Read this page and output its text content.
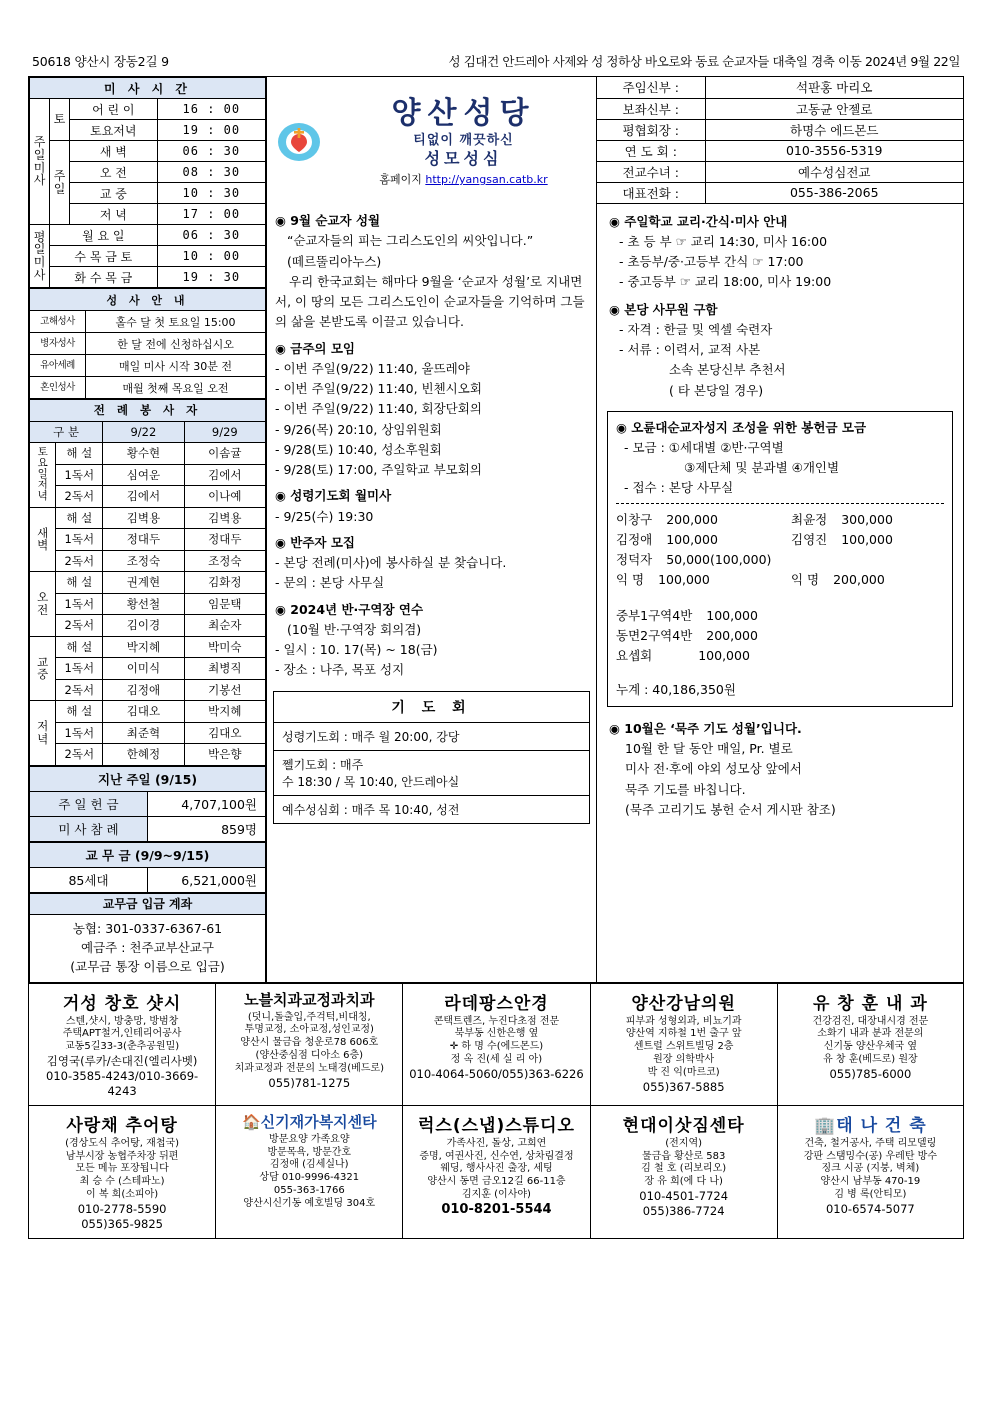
50618 양산시 장동2길 9	성 김대건 안드레아 사제와 성 정하상 바오로와 동료 순교자들 대축일 경축 이동 2024년 9월 22일
미 사 시 간			
주
일
미
사	토	어 린 이	16 : 00
		토요저녁	19 : 00
	주
일	새 벽	06 : 30
		오 전	08 : 30
		교 중	10 : 30
		저 녁	17 : 00
평
일
미
사	월 요 일		06 : 30
	수 목 금 토		10 : 00
	화 수 목 금		19 : 30
성 사 안 내	
고해성사	홀수 달 첫 토요일 15:00
병자성사	한 달 전에 신청하십시오
유아세례	매일 미사 시작 30분 전
혼인성사	매월 첫째 목요일 오전
전 례 봉 사 자			
구 분		9/22	9/29
토
요
일
저
녁	해 설	황수현	이솜귤
	1독서	심여운	김에서
	2독서	김에서	이나예
새
벽	해 설	김벽용	김벽용
	1독서	정대두	정대두
	2독서	조정숙	조정숙
오
전	해 설	권계현	김화정
	1독서	황선철	임문택
	2독서	김이경	최순자
교
중	해 설	박지혜	박미숙
	1독서	이미식	최병직
	2독서	김정애	기봉선
저
녁	해 설	김대오	박지혜
	1독서	최준혁	김대오
	2독서	한혜정	박은향
지난 주일 (9/15)	
주 일 헌 금	4,707,100원
미 사 참 례	859명
교 무 금 (9/9~9/15)
85세대	6,521,000원
교무금 입금 계좌

농협: 301-0337-6367-61
예금주 : 천주교부산교구
(교무금 통장 이름으로 입금)
양산성당
티없이 깨끗하신
성모성심
홈페이지 http://yangsan.catb.kr

◉ 9월 순교자 성월

“순교자들의 피는 그리스도인의 씨앗입니다.”

(떼르뚤리아누스)

우리 한국교회는 해마다 9월을 ‘순교자 성월’로 지내면서, 이 땅의 모든 그리스도인이 순교자들을 기억하며 그들의 삶을 본받도록 이끌고 있습니다.

◉ 금주의 모임

- 이번 주일(9/22) 11:40, 울뜨레야

- 이번 주일(9/22) 11:40, 빈첸시오회

- 이번 주일(9/22) 11:40, 회장단회의

- 9/26(목) 20:10, 상임위원회

- 9/28(토) 10:40, 성소후원회

- 9/28(토) 17:00, 주일학교 부모회의

◉ 성령기도회 월미사

- 9/25(수) 19:30

◉ 반주자 모집

- 본당 전례(미사)에 봉사하실 분 찾습니다.

- 문의 : 본당 사무실

◉ 2024년 반·구역장 연수

(10월 반·구역장 회의겸)

- 일시 : 10. 17(목) ~ 18(금)

- 장소 : 나주, 목포 성지

기 도 회
성령기도회 : 매주 월 20:00, 강당
쩰기도회 : 매주
수 18:30 / 목 10:40, 안드레아실
예수성심회 : 매주 목 10:40, 성전
주임신부 :	석판홍 마리오
보좌신부 :	고동균 안젤로
평협회장 :	하명수 에드몬드
연 도 회 :	010-3556-5319
전교수녀 :	예수성심전교
대표전화 :	055-386-2065

◉ 주일학교 교리·간식·미사 안내

- 초 등 부 ☞ 교리 14:30, 미사 16:00

- 초등부/중·고등부 간식 ☞ 17:00

- 중고등부 ☞ 교리 18:00, 미사 19:00

◉ 본당 사무원 구함

- 자격 : 한글 및 엑셀 숙련자

- 서류 : 이력서, 교적 사본

소속 본당신부 추천서

( 타 본당일 경우)

◉ 오륜대순교자성지 조성을 위한 봉헌금 모금
- 모금 : ①세대별 ②반·구역별
③제단체 및 분과별 ④개인별
- 접수 : 본당 사무실
이창구 200,000	최윤정 300,000
김정애 100,000	김영진 100,000
정덕자 50,000(100,000)
익 명 100,000	익 명 200,000
중부1구역4반 100,000
동면2구역4반 200,000
요셉회	100,000
누계 : 40,186,350원

◉ 10월은 ‘묵주 기도 성월’입니다.

10월 한 달 동안 매일, Pr. 별로

미사 전·후에 야외 성모상 앞에서

묵주 기도를 바칩니다.

(묵주 고리기도 봉헌 순서 게시판 참조)

거성 창호 샷시
스텐,샷시, 방충망, 방범창
주택APT철거,인테리어공사
교동5길33-3(춘추공원밀)
김영국(루카/손대진(엘리사벳)
010-3585-4243/010-3669-4243

노블치과교정과치과
(덧니,돌출입,주걱턱,비대칭,
투명교정, 소아교정,성인교정)
양산시 물금읍 청운로78 606호
(양산중심점 디아소 6층)
치과교정과 전문의 노태경(베드로)
055)781-1275

라데팡스안경
콘택트렌즈, 누진다초점 전문
북부동 신한은행 옆
✛ 하 명 수(에드몬드)
정 옥 진(세 실 리 아)
010-4064-5060/055)363-6226

양산강남의원
피부과 성형외과, 비뇨기과
양산역 지하철 1번 출구 앞
센트럴 스위트빌딩 2층
원장 의학박사
박 진 익(마르코)
055)367-5885

유 창 훈 내 과
건강검진, 대장내시경 전문
소화기 내과 분과 전문의
신기동 양산우체국 옆
유 창 훈(베드로) 원장
055)785-6000

사랑채 추어탕
(경상도식 추어탕, 재첩국)
남부시장 농협주차장 뒤편
모든 메뉴 포장됩니다
최 승 수 (스테파노)
이 복 희(소피아)
010-2778-5590
055)365-9825

🏠신기재가복지센타
방문요양 가족요양
방문목욕, 방문간호
김정애 (김세실나)
상담 010-9996-4321
055-363-1766
양산시신기동 예호빌딩 304호

럭스(스냅)스튜디오
가족사진, 돌상, 고희연
증명, 여권사진, 신수연, 상차림결정
웨딩, 행사사진 출장, 세팅
양산시 동면 금오12길 66-11층
김지훈 (이사야)
010-8201-5544

현대이삿짐센타
(전지역)
물금읍 황산로 583
김 철 호 (리보리오)
장 유 희(에 다 나)
010-4501-7724
055)386-7724

🏢태 나 건 축
건축, 철거공사, 주택 리모델링
강판 스탬밍수(공) 우레탄 방수
징크 시공 (지붕, 벽체)
양산시 남부동 470-19
김 병 록(안티모)
010-6574-5077
